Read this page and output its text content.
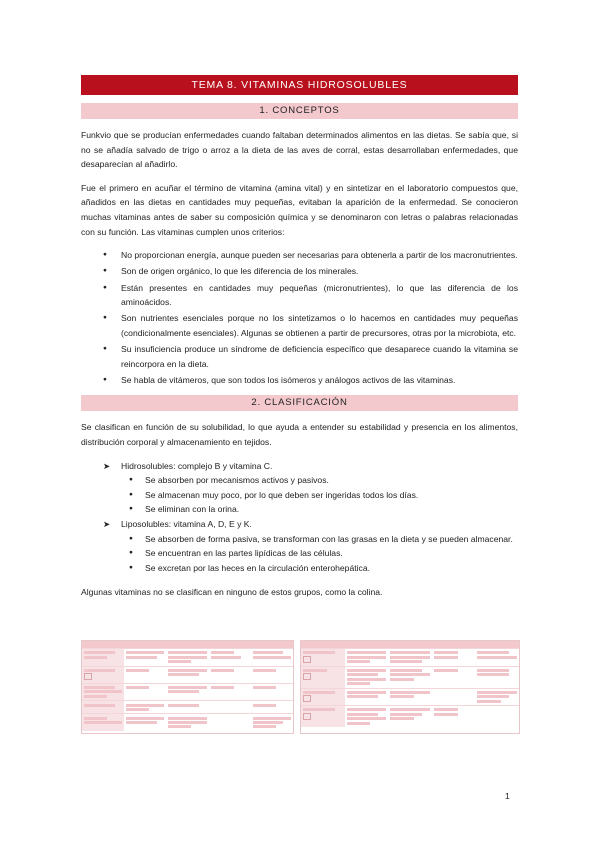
TEMA 8. VITAMINAS HIDROSOLUBLES
1. CONCEPTOS

Funkvio que se producían enfermedades cuando faltaban determinados alimentos en las dietas. Se sabía que, si no se añadía salvado de trigo o arroz a la dieta de las aves de corral, estas desarrollaban enfermedades, que desaparecían al añadirlo.

Fue el primero en acuñar el término de vitamina (amina vital) y en sintetizar en el laboratorio compuestos que, añadidos en las dietas en cantidades muy pequeñas, evitaban la aparición de la enfermedad. Se conocieron muchas vitaminas antes de saber su composición química y se denominaron con letras o palabras relacionadas con su función. Las vitaminas cumplen unos criterios:

● No proporcionan energía, aunque pueden ser necesarias para obtenerla a partir de los macronutrientes.
● Son de origen orgánico, lo que les diferencia de los minerales.
● Están presentes en cantidades muy pequeñas (micronutrientes), lo que las diferencia de los aminoácidos.
● Son nutrientes esenciales porque no los sintetizamos o lo hacemos en cantidades muy pequeñas (condicionalmente esenciales). Algunas se obtienen a partir de precursores, otras por la microbiota, etc.
● Su insuficiencia produce un síndrome de deficiencia específico que desaparece cuando la vitamina se reincorpora en la dieta.
● Se habla de vitámeros, que son todos los isómeros y análogos activos de las vitaminas.
2. CLASIFICACIÓN

Se clasifican en función de su solubilidad, lo que ayuda a entender su estabilidad y presencia en los alimentos, distribución corporal y almacenamiento en tejidos.

➤ Hidrosolubles: complejo B y vitamina C.
● Se absorben por mecanismos activos y pasivos.
● Se almacenan muy poco, por lo que deben ser ingeridas todos los días.
● Se eliminan con la orina.
➤ Liposolubles: vitamina A, D, E y K.
● Se absorben de forma pasiva, se transforman con las grasas en la dieta y se pueden almacenar.
● Se encuentran en las partes lipídicas de las células.
● Se excretan por las heces en la circulación enterohepática.

Algunas vitaminas no se clasifican en ninguno de estos grupos, como la colina.

1
